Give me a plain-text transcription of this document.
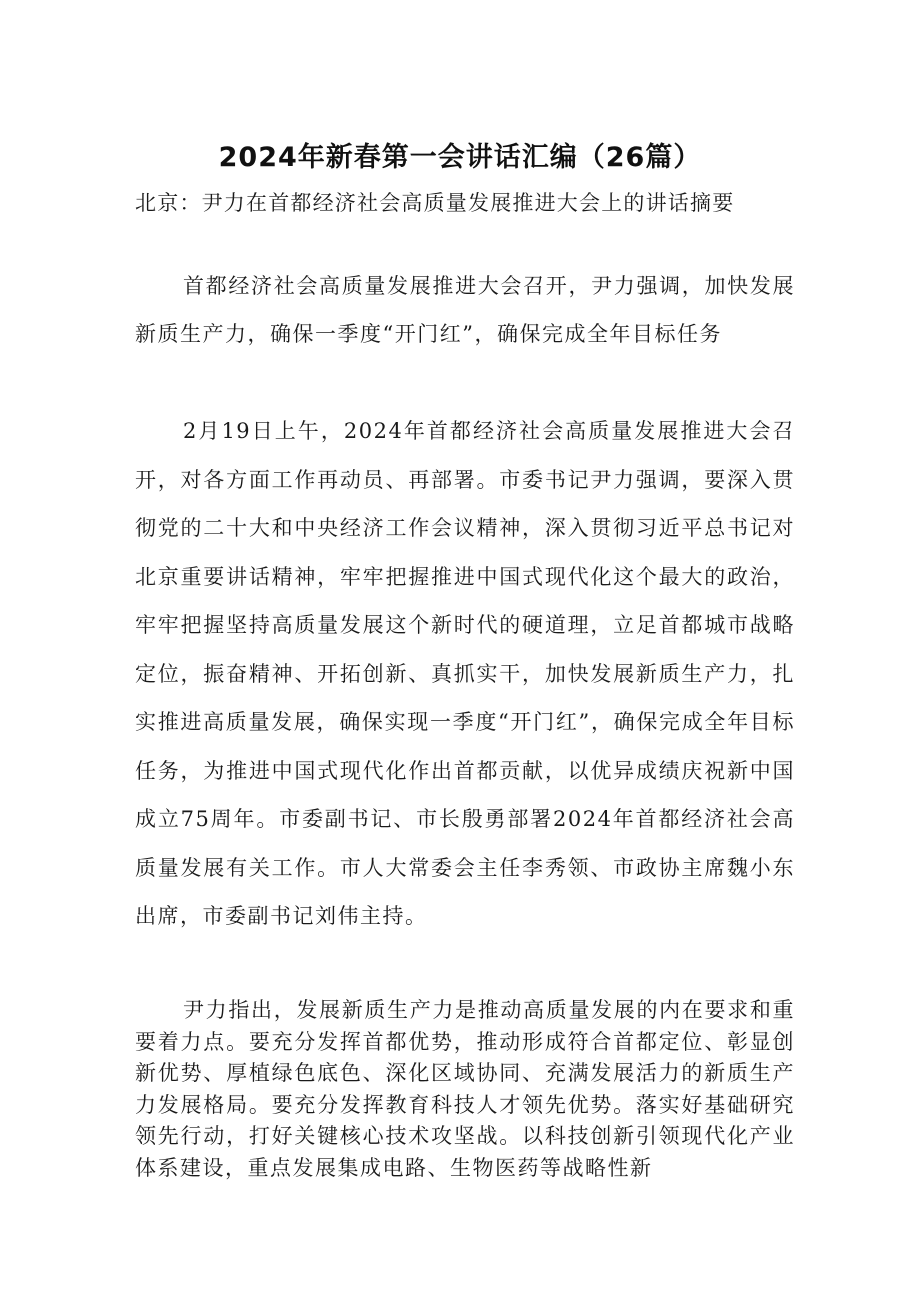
2024年新春第一会讲话汇编（26篇）

北京：尹力在首都经济社会高质量发展推进大会上的讲话摘要

首都经济社会高质量发展推进大会召开，尹力强调，加快发展新质生产力，确保一季度“开门红”，确保完成全年目标任务

2月19日上午，2024年首都经济社会高质量发展推进大会召开，对各方面工作再动员、再部署。市委书记尹力强调，要深入贯彻党的二十大和中央经济工作会议精神，深入贯彻习近平总书记对北京重要讲话精神，牢牢把握推进中国式现代化这个最大的政治，牢牢把握坚持高质量发展这个新时代的硬道理，立足首都城市战略定位，振奋精神、开拓创新、真抓实干，加快发展新质生产力，扎实推进高质量发展，确保实现一季度“开门红”，确保完成全年目标任务，为推进中国式现代化作出首都贡献，以优异成绩庆祝新中国成立75周年。市委副书记、市长殷勇部署2024年首都经济社会高质量发展有关工作。市人大常委会主任李秀领、市政协主席魏小东出席，市委副书记刘伟主持。

尹力指出，发展新质生产力是推动高质量发展的内在要求和重要着力点。要充分发挥首都优势，推动形成符合首都定位、彰显创新优势、厚植绿色底色、深化区域协同、充满发展活力的新质生产力发展格局。要充分发挥教育科技人才领先优势。落实好基础研究领先行动，打好关键核心技术攻坚战。以科技创新引领现代化产业体系建设，重点发展集成电路、生物医药等战略性新
